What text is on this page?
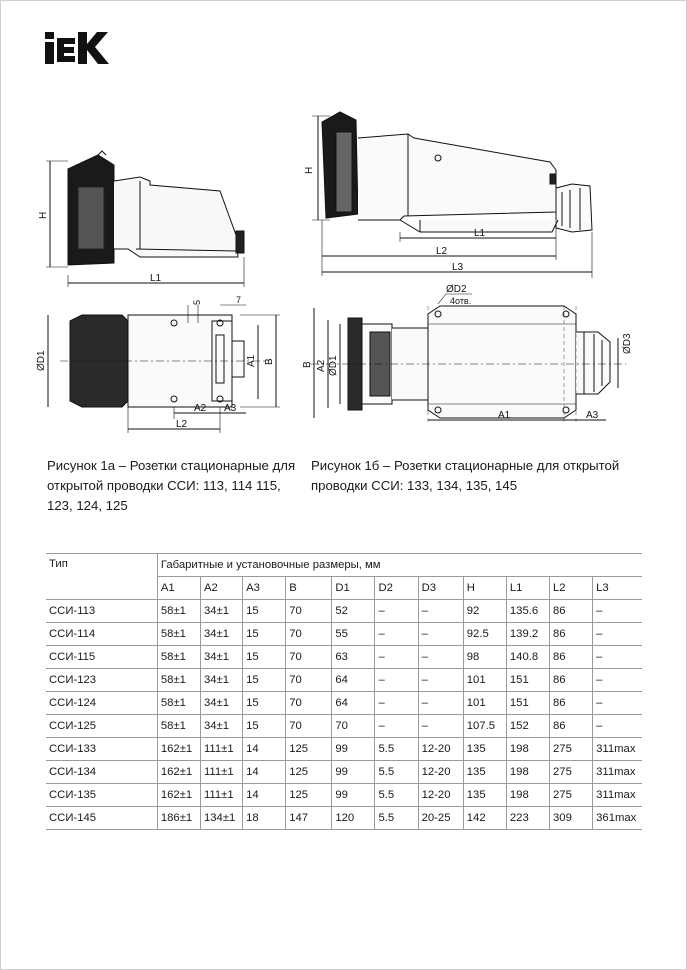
H
L1
ØD1	A1 B
A2 A3
L2
5	7
H
L1
L2
L3
ØD2
4отв.
ØD3
B A2 ØD1
A1	A3
Рисунок 1а – Розетки стационарные для
открытой проводки ССИ: 113, 114 115,
123, 124, 125
Рисунок 1б – Розетки стационарные для открытой
проводки ССИ: 133, 134, 135, 145
Тип	Габаритные и установочные размеры, мм										
	A1	A2	A3	B	D1	D2	D3	H	L1	L2	L3
ССИ-113	58±1	34±1	15	70	52	–	–	92	135.6	86	–
ССИ-114	58±1	34±1	15	70	55	–	–	92.5	139.2	86	–
ССИ-115	58±1	34±1	15	70	63	–	–	98	140.8	86	–
ССИ-123	58±1	34±1	15	70	64	–	–	101	151	86	–
ССИ-124	58±1	34±1	15	70	64	–	–	101	151	86	–
ССИ-125	58±1	34±1	15	70	70	–	–	107.5	152	86	–
ССИ-133	162±1	111±1	14	125	99	5.5	12-20	135	198	275	311max
ССИ-134	162±1	111±1	14	125	99	5.5	12-20	135	198	275	311max
ССИ-135	162±1	111±1	14	125	99	5.5	12-20	135	198	275	311max
ССИ-145	186±1	134±1	18	147	120	5.5	20-25	142	223	309	361max
